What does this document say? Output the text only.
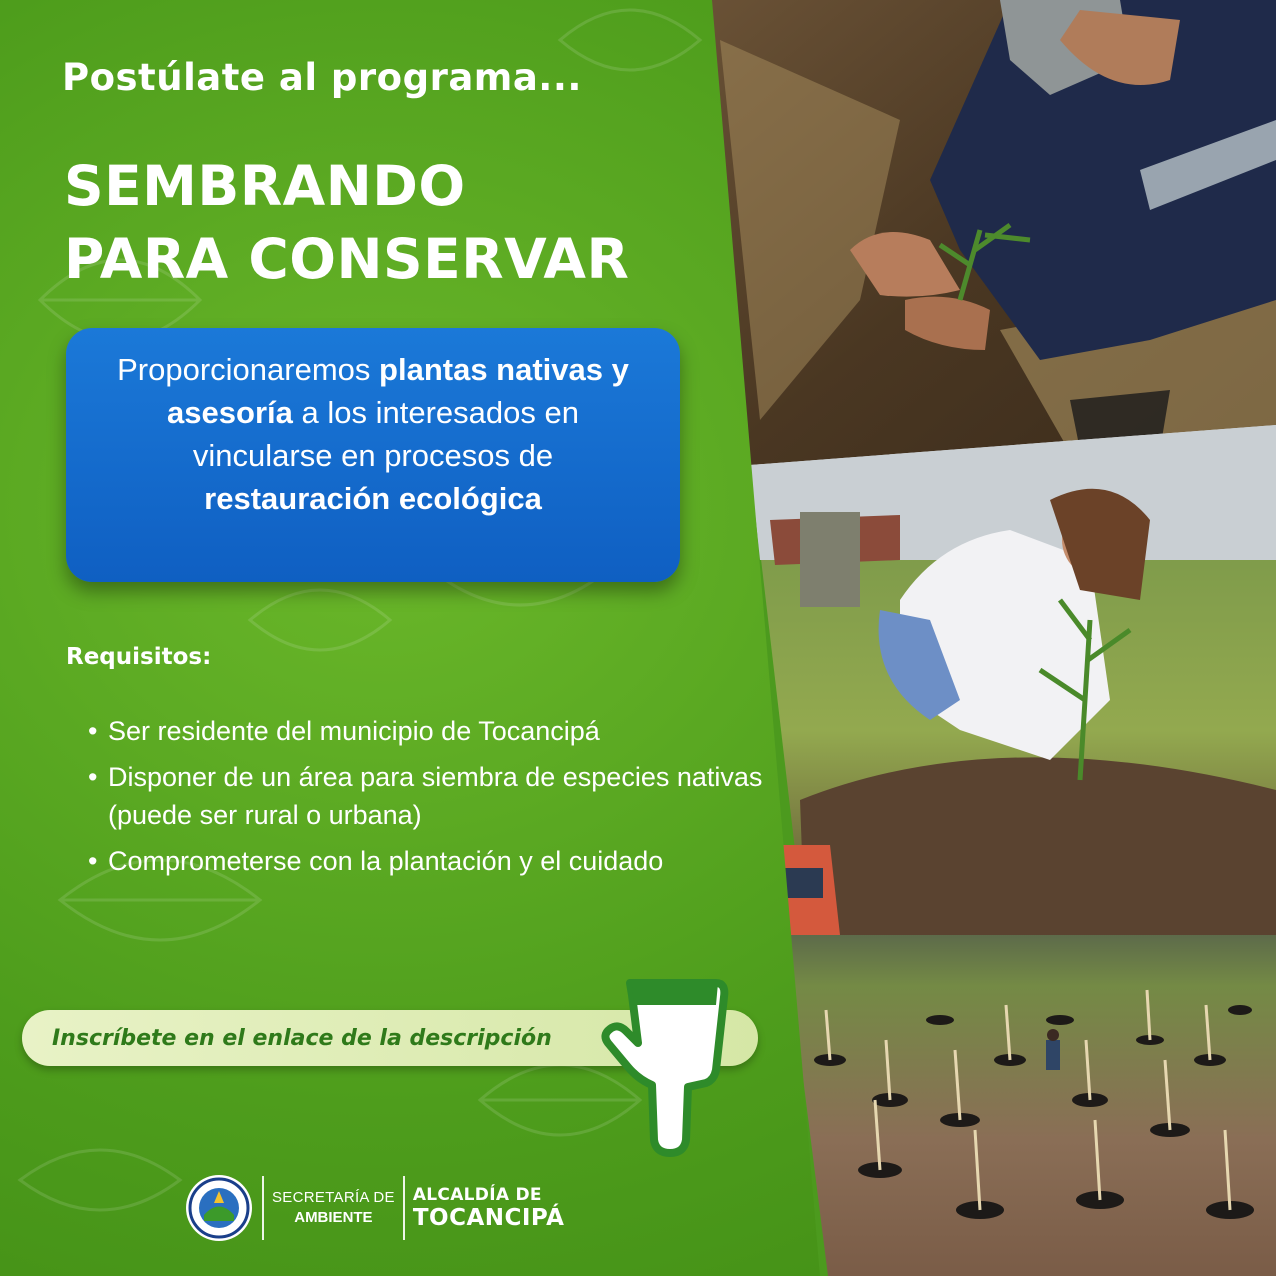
Postúlate al programa...

SEMBRANDO
PARA CONSERVAR
Proporcionaremos plantas nativas y asesoría a los interesados en vincularse en procesos de restauración ecológica

Requisitos:

• Ser residente del municipio de Tocancipá
• Disponer de un área para siembra de especies nativas (puede ser rural o urbana)
• Comprometerse con la plantación y el cuidado
Inscríbete en el enlace de la descripción
SECRETARÍA DE
AMBIENTE
ALCALDÍA DE
TOCANCIPÁ
